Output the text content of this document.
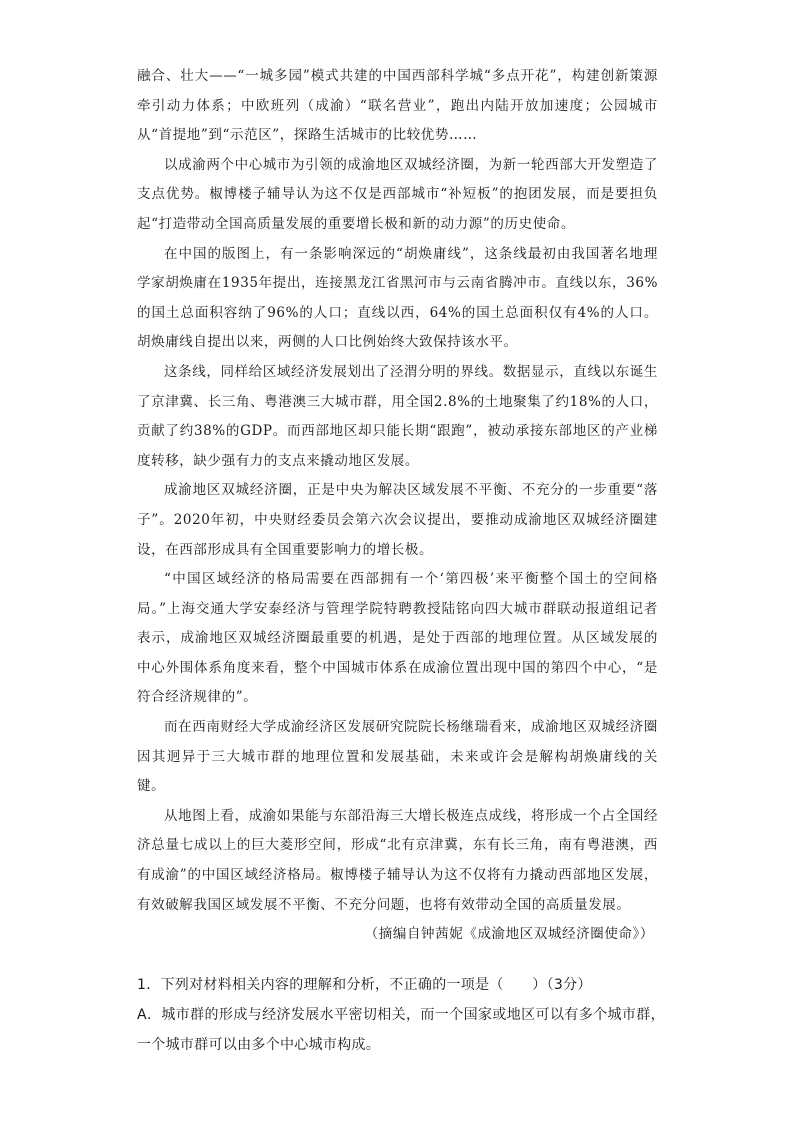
融合、壮大——“一城多园”模式共建的中国西部科学城“多点开花”，构建创新策源牵引动力体系；中欧班列（成渝）“联名营业”，跑出内陆开放加速度；公园城市从“首提地”到“示范区”，探路生活城市的比较优势……

以成渝两个中心城市为引领的成渝地区双城经济圈，为新一轮西部大开发塑造了支点优势。椒博楼子辅导认为这不仅是西部城市“补短板”的抱团发展，而是要担负起“打造带动全国高质量发展的重要增长极和新的动力源”的历史使命。

在中国的版图上，有一条影响深远的“胡焕庸线”，这条线最初由我国著名地理学家胡焕庸在1935年提出，连接黑龙江省黑河市与云南省腾冲市。直线以东，36%的国土总面积容纳了96%的人口；直线以西，64%的国土总面积仅有4%的人口。胡焕庸线自提出以来，两侧的人口比例始终大致保持该水平。

这条线，同样给区域经济发展划出了泾渭分明的界线。数据显示，直线以东诞生了京津冀、长三角、粤港澳三大城市群，用全国2.8%的土地聚集了约18%的人口，贡献了约38%的GDP。而西部地区却只能长期“跟跑”，被动承接东部地区的产业梯度转移，缺少强有力的支点来撬动地区发展。

成渝地区双城经济圈，正是中央为解决区域发展不平衡、不充分的一步重要“落子”。2020年初，中央财经委员会第六次会议提出，要推动成渝地区双城经济圈建设，在西部形成具有全国重要影响力的增长极。

“中国区域经济的格局需要在西部拥有一个‘第四极’来平衡整个国土的空间格局。”上海交通大学安泰经济与管理学院特聘教授陆铭向四大城市群联动报道组记者表示，成渝地区双城经济圈最重要的机遇，是处于西部的地理位置。从区域发展的中心外围体系角度来看，整个中国城市体系在成渝位置出现中国的第四个中心，“是符合经济规律的”。

而在西南财经大学成渝经济区发展研究院院长杨继瑞看来，成渝地区双城经济圈因其迥异于三大城市群的地理位置和发展基础，未来或许会是解构胡焕庸线的关键。

从地图上看，成渝如果能与东部沿海三大增长极连点成线，将形成一个占全国经济总量七成以上的巨大菱形空间，形成“北有京津冀，东有长三角，南有粤港澳，西有成渝”的中国区域经济格局。椒博楼子辅导认为这不仅将有力撬动西部地区发展，有效破解我国区域发展不平衡、不充分问题，也将有效带动全国的高质量发展。

（摘编自钟茜妮《成渝地区双城经济圈使命》）

1．下列对材料相关内容的理解和分析，不正确的一项是（　　）（3分）

A．城市群的形成与经济发展水平密切相关，而一个国家或地区可以有多个城市群，一个城市群可以由多个中心城市构成。
